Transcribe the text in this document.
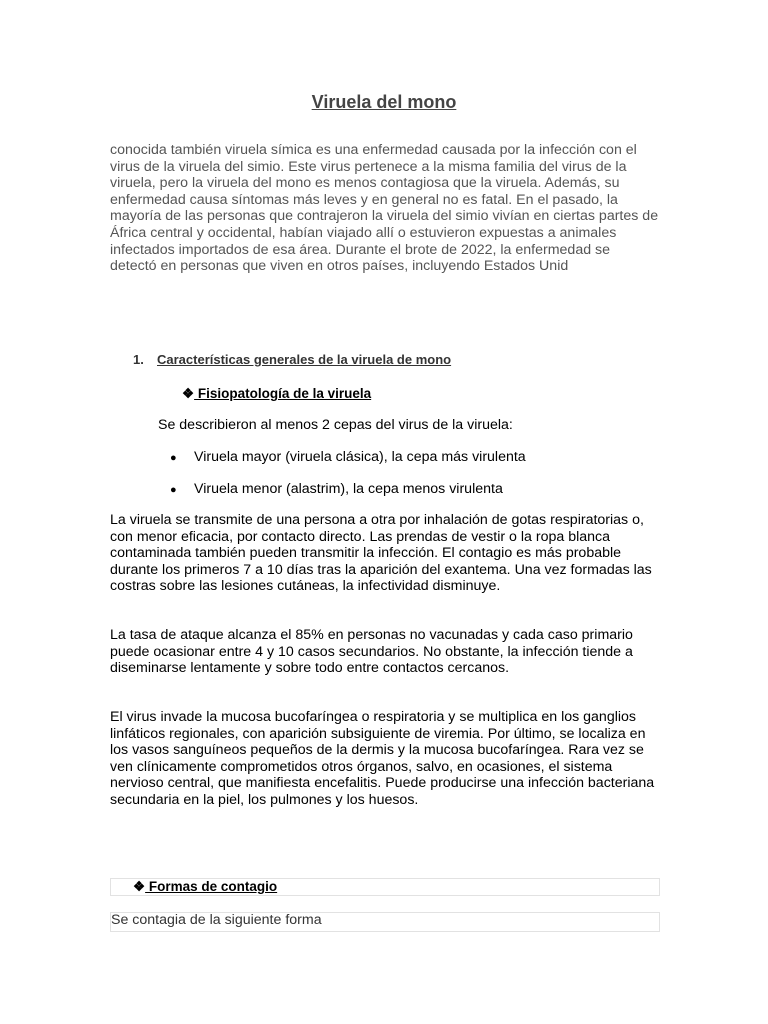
Viruela del mono
conocida también viruela símica es una enfermedad causada por la infección con el virus de la viruela del simio. Este virus pertenece a la misma familia del virus de la viruela, pero la viruela del mono es menos contagiosa que la viruela. Además, su enfermedad causa síntomas más leves y en general no es fatal. En el pasado, la mayoría de las personas que contrajeron la viruela del simio vivían en ciertas partes de África central y occidental, habían viajado allí o estuvieron expuestas a animales infectados importados de esa área. Durante el brote de 2022, la enfermedad se detectó en personas que viven en otros países, incluyendo Estados Unid
1. Características generales de la viruela de mono
❖ Fisiopatología de la viruela
Se describieron al menos 2 cepas del virus de la viruela:
● Viruela mayor (viruela clásica), la cepa más virulenta
● Viruela menor (alastrim), la cepa menos virulenta
La viruela se transmite de una persona a otra por inhalación de gotas respiratorias o, con menor eficacia, por contacto directo. Las prendas de vestir o la ropa blanca contaminada también pueden transmitir la infección. El contagio es más probable durante los primeros 7 a 10 días tras la aparición del exantema. Una vez formadas las costras sobre las lesiones cutáneas, la infectividad disminuye.
La tasa de ataque alcanza el 85% en personas no vacunadas y cada caso primario puede ocasionar entre 4 y 10 casos secundarios. No obstante, la infección tiende a diseminarse lentamente y sobre todo entre contactos cercanos.
El virus invade la mucosa bucofaríngea o respiratoria y se multiplica en los ganglios linfáticos regionales, con aparición subsiguiente de viremia. Por último, se localiza en los vasos sanguíneos pequeños de la dermis y la mucosa bucofaríngea. Rara vez se ven clínicamente comprometidos otros órganos, salvo, en ocasiones, el sistema nervioso central, que manifiesta encefalitis. Puede producirse una infección bacteriana secundaria en la piel, los pulmones y los huesos.
❖ Formas de contagio
Se contagia de la siguiente forma
